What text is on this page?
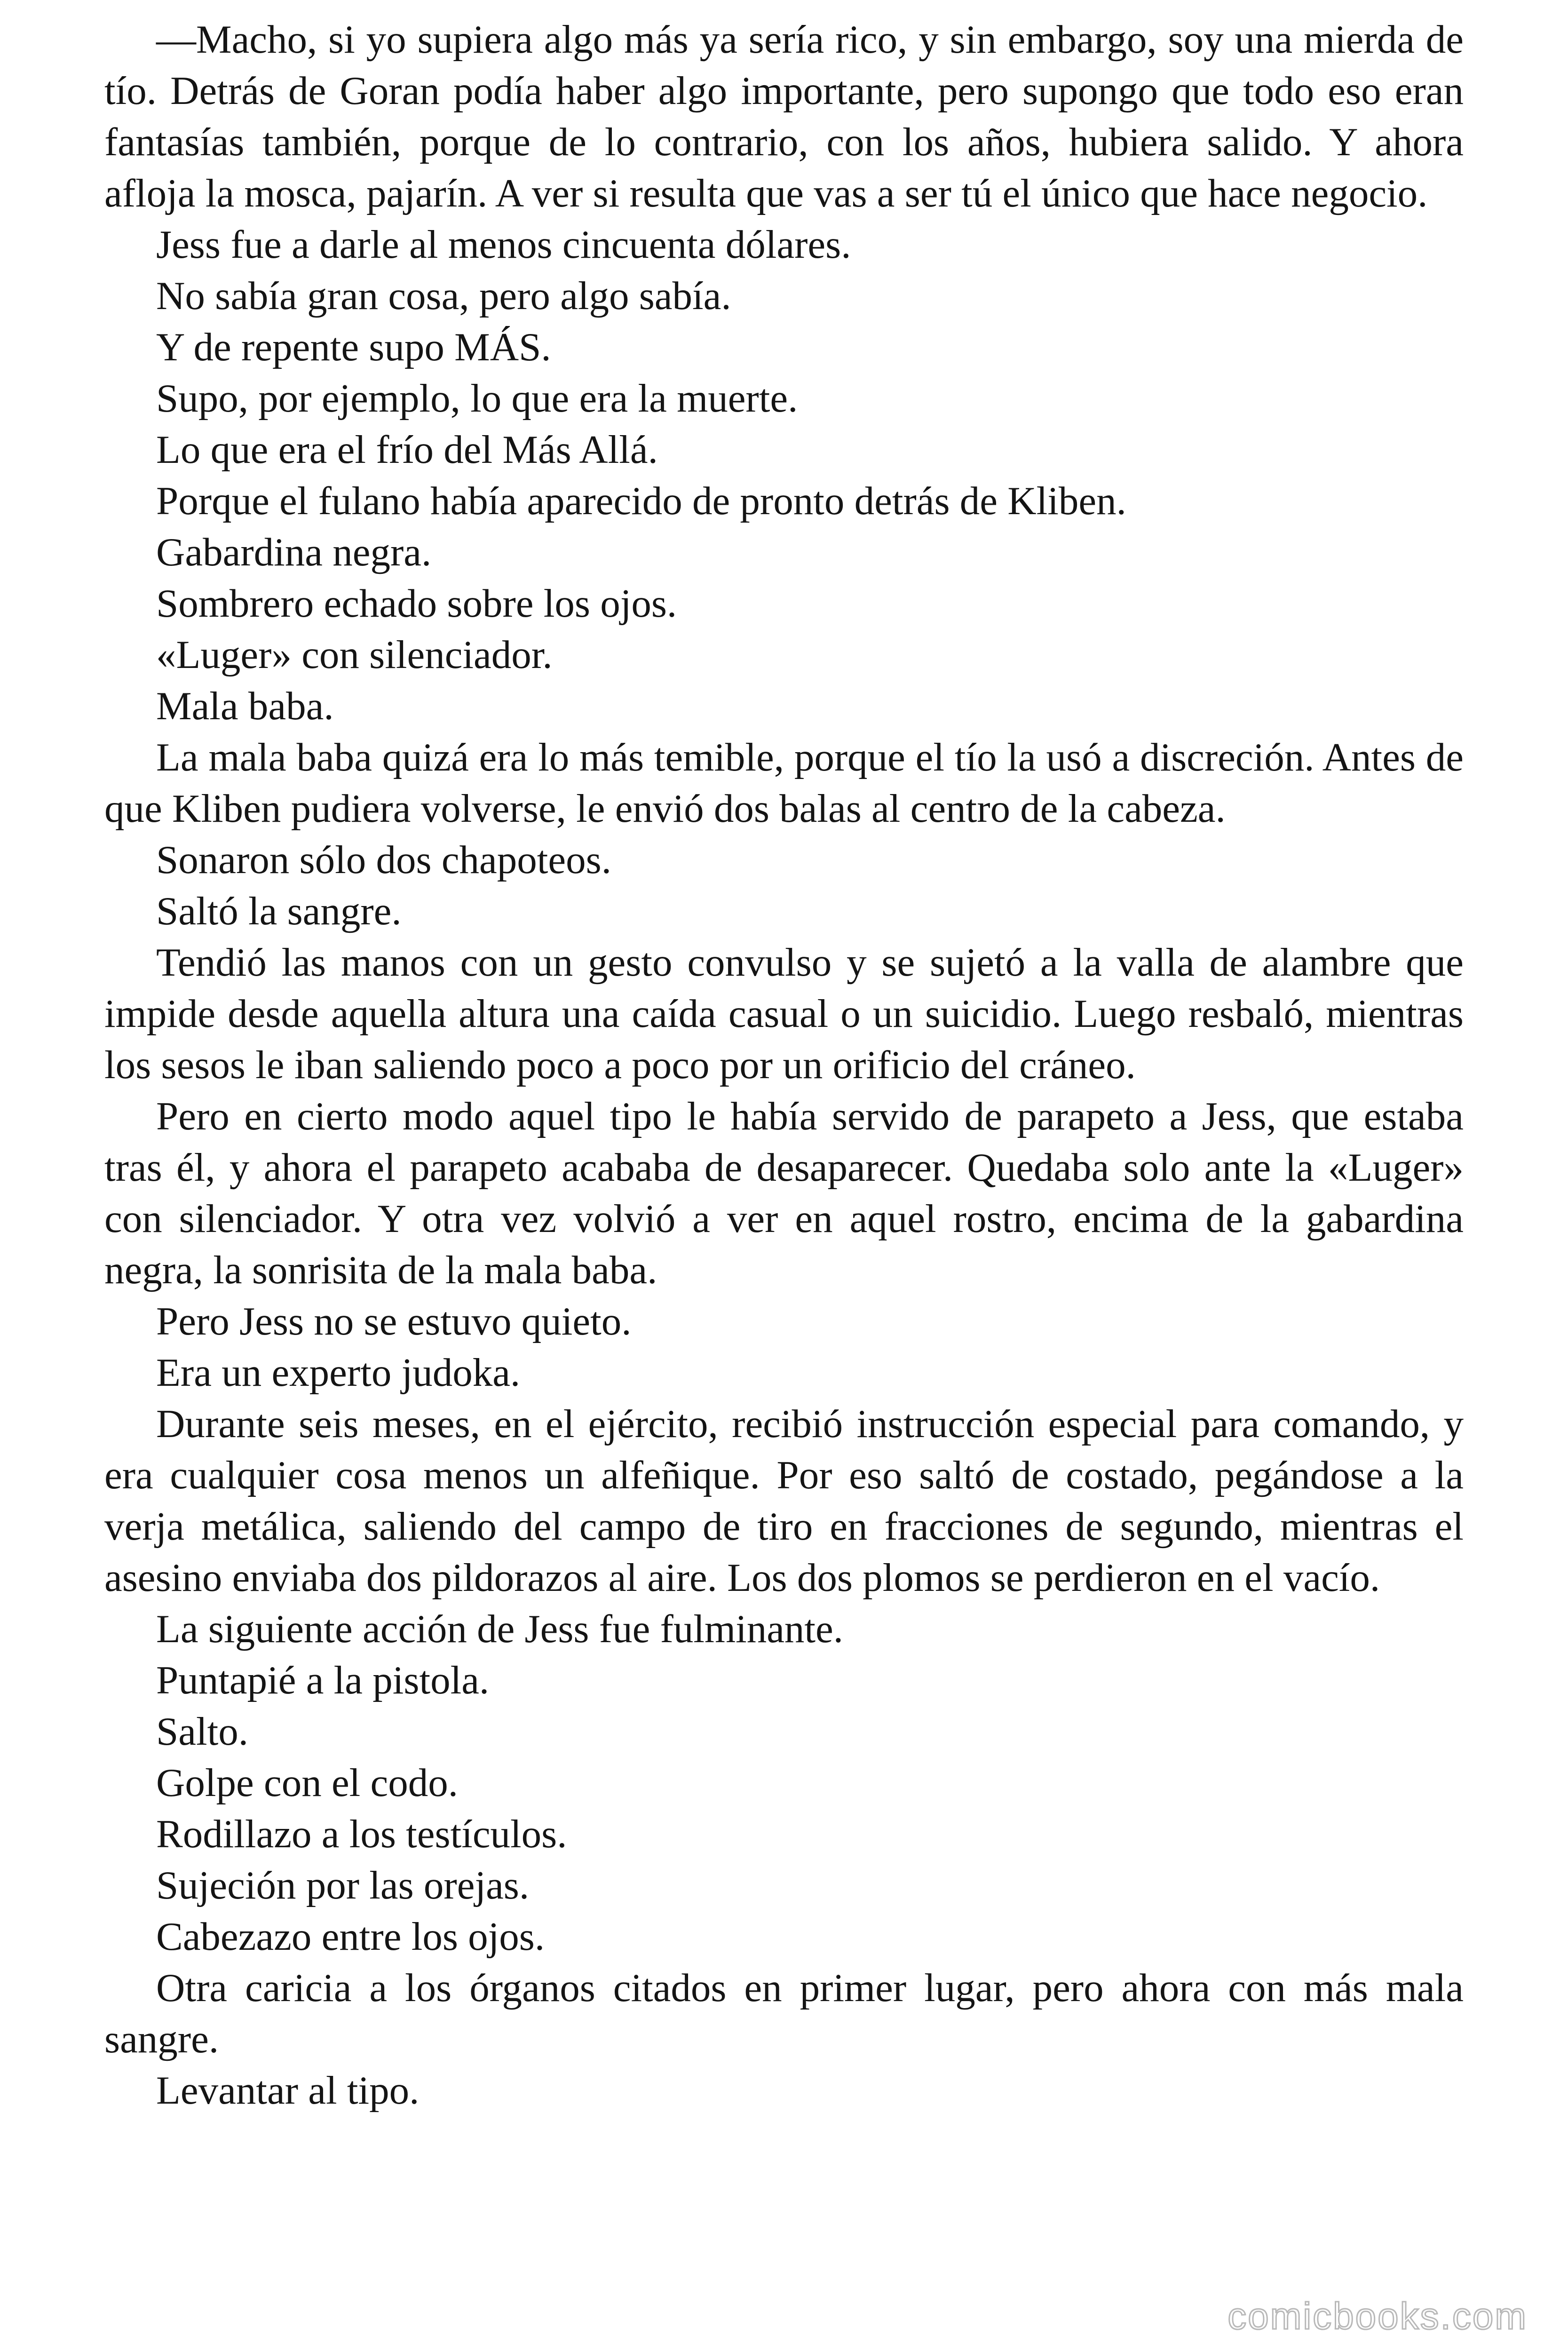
—Macho, si yo supiera algo más ya sería rico, y sin embargo, soy una mierda de tío. Detrás de Goran podía haber algo importante, pero supongo que todo eso eran fantasías también, porque de lo contrario, con los años, hubiera salido. Y ahora afloja la mosca, pajarín. A ver si resulta que vas a ser tú el único que hace negocio.

Jess fue a darle al menos cincuenta dólares.

No sabía gran cosa, pero algo sabía.

Y de repente supo MÁS.

Supo, por ejemplo, lo que era la muerte.

Lo que era el frío del Más Allá.

Porque el fulano había aparecido de pronto detrás de Kliben.

Gabardina negra.

Sombrero echado sobre los ojos.

«Luger» con silenciador.

Mala baba.

La mala baba quizá era lo más temible, porque el tío la usó a discreción. Antes de que Kliben pudiera volverse, le envió dos balas al centro de la cabeza.

Sonaron sólo dos chapoteos.

Saltó la sangre.

Tendió las manos con un gesto convulso y se sujetó a la valla de alambre que impide desde aquella altura una caída casual o un suicidio. Luego resbaló, mientras los sesos le iban saliendo poco a poco por un orificio del cráneo.

Pero en cierto modo aquel tipo le había servido de parapeto a Jess, que estaba tras él, y ahora el parapeto acababa de desaparecer. Quedaba solo ante la «Luger» con silenciador. Y otra vez volvió a ver en aquel rostro, encima de la gabardina negra, la sonrisita de la mala baba.

Pero Jess no se estuvo quieto.

Era un experto judoka.

Durante seis meses, en el ejército, recibió instrucción especial para comando, y era cualquier cosa menos un alfeñique. Por eso saltó de costado, pegándose a la verja metálica, saliendo del campo de tiro en fracciones de segundo, mientras el asesino enviaba dos pildorazos al aire. Los dos plomos se perdieron en el vacío.

La siguiente acción de Jess fue fulminante.

Puntapié a la pistola.

Salto.

Golpe con el codo.

Rodillazo a los testículos.

Sujeción por las orejas.

Cabezazo entre los ojos.

Otra caricia a los órganos citados en primer lugar, pero ahora con más mala sangre.

Levantar al tipo.

comicbooks.com
